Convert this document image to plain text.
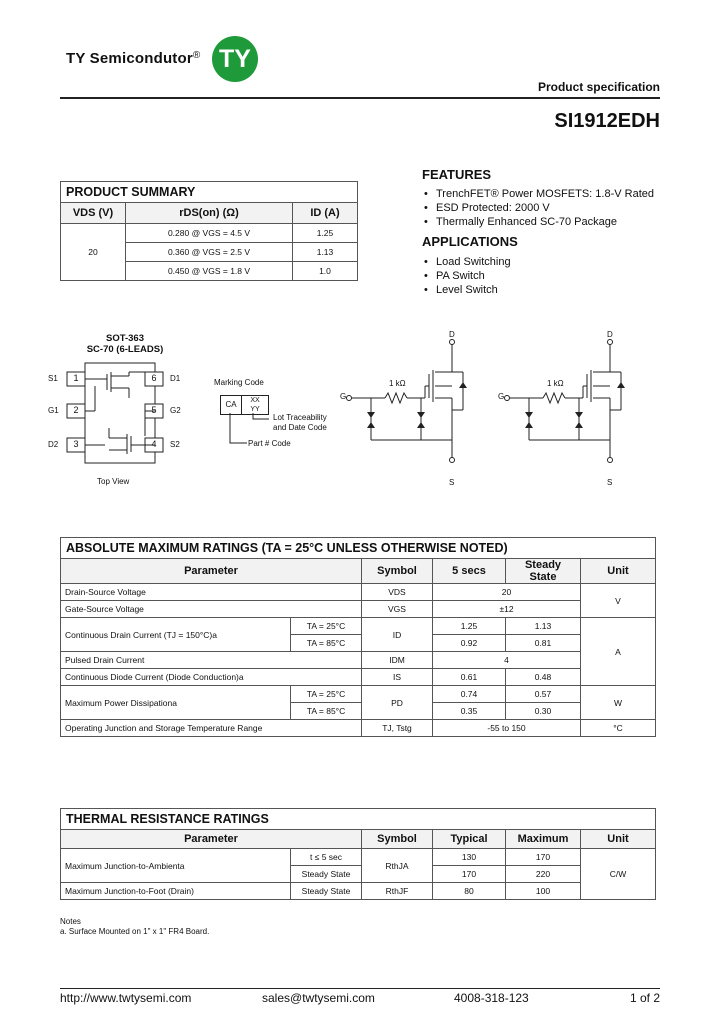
TY Semicondutor® TY
Product specification
SI1912EDH
FEATURES
• TrenchFET® Power MOSFETS: 1.8-V Rated
• ESD Protected: 2000 V
• Thermally Enhanced SC-70 Package
APPLICATIONS
• Load Switching
• PA Switch
• Level Switch
PRODUCT SUMMARY		
VDS (V)	rDS(on) (Ω)	ID (A)
20	0.280 @ VGS = 4.5 V	1.25
	0.360 @ VGS = 2.5 V	1.13
	0.450 @ VGS = 1.8 V	1.0
SOT-363
SC-70 (6-LEADS)
1
2
3
6
5
4
S1
G1
D2
D1
G2
S2
Top View
Marking Code
CA	XX
YY
Lot Traceability
and Date Code
Part # Code
D
G
S
1 kΩ
D
G
S
1 kΩ
ABSOLUTE MAXIMUM RATINGS (TA = 25°C UNLESS OTHERWISE NOTED)					
Parameter		Symbol	5 secs	Steady State	Unit
Drain-Source Voltage		VDS	20		V
Gate-Source Voltage		VGS	±12		
Continuous Drain Current (TJ = 150°C)a	TA = 25°C	ID	1.25	1.13	A
	TA = 85°C		0.92	0.81	
Pulsed Drain Current		IDM	4		
Continuous Diode Current (Diode Conduction)a		IS	0.61	0.48	
Maximum Power Dissipationa	TA = 25°C	PD	0.74	0.57	W
	TA = 85°C		0.35	0.30	
Operating Junction and Storage Temperature Range		TJ, Tstg	-55 to 150		°C
THERMAL RESISTANCE RATINGS					
Parameter		Symbol	Typical	Maximum	Unit
Maximum Junction-to-Ambienta	t ≤ 5 sec	RthJA	130	170	C/W
	Steady State		170	220	
Maximum Junction-to-Foot (Drain)	Steady State	RthJF	80	100	
Notes
a. Surface Mounted on 1" x 1" FR4 Board.
http://www.twtysemi.com	sales@twtysemi.com	4008-318-123	1 of 2
